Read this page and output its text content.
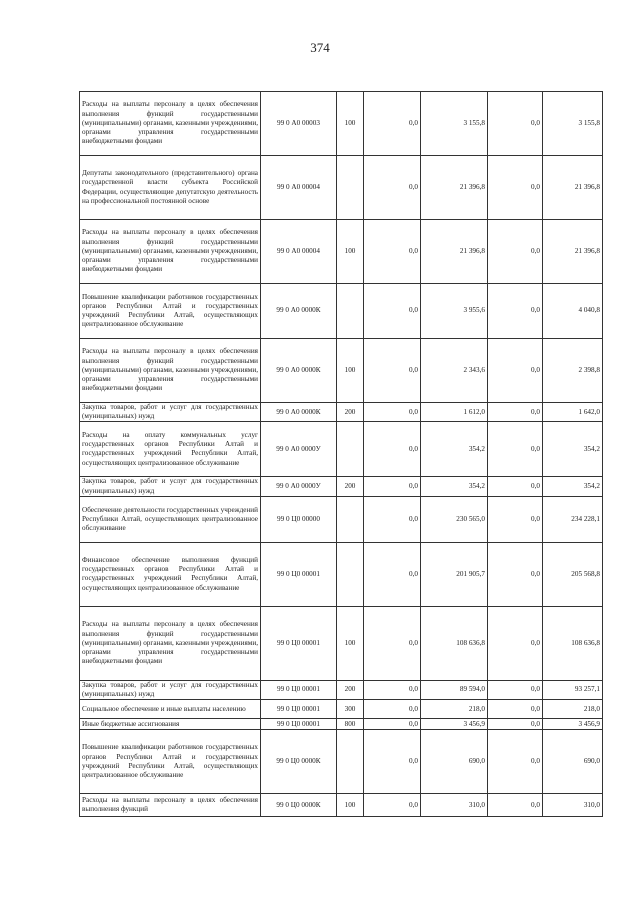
374
Расходы на выплаты персоналу в целях обеспечения выполнения функций государственными (муниципальными) органами, казенными учреждениями, органами управления государственными внебюджетными фондами	99 0 А0 00003	100	0,0	3 155,8	0,0	3 155,8
Депутаты законодательного (представительного) органа государственной власти субъекта Российской Федерации, осуществляющие депутатскую деятельность на профессиональной постоянной основе	99 0 А0 00004		0,0	21 396,8	0,0	21 396,8
Расходы на выплаты персоналу в целях обеспечения выполнения функций государственными (муниципальными) органами, казенными учреждениями, органами управления государственными внебюджетными фондами	99 0 А0 00004	100	0,0	21 396,8	0,0	21 396,8
Повышение квалификации работников государственных органов Республики Алтай и государственных учреждений Республики Алтай, осуществляющих централизованное обслуживание	99 0 А0 0000К		0,0	3 955,6	0,0	4 040,8
Расходы на выплаты персоналу в целях обеспечения выполнения функций государственными (муниципальными) органами, казенными учреждениями, органами управления государственными внебюджетными фондами	99 0 А0 0000К	100	0,0	2 343,6	0,0	2 398,8
Закупка товаров, работ и услуг для государственных (муниципальных) нужд	99 0 А0 0000К	200	0,0	1 612,0	0,0	1 642,0
Расходы на оплату коммунальных услуг государственных органов Республики Алтай и государственных учреждений Республики Алтай, осуществляющих централизованное обслуживание	99 0 А0 0000У		0,0	354,2	0,0	354,2
Закупка товаров, работ и услуг для государственных (муниципальных) нужд	99 0 А0 0000У	200	0,0	354,2	0,0	354,2
Обеспечение деятельности государственных учреждений Республики Алтай, осуществляющих централизованное обслуживание	99 0 Ц0 00000		0,0	230 565,0	0,0	234 228,1
Финансовое обеспечение выполнения функций государственных органов Республики Алтай и государственных учреждений Республики Алтай, осуществляющих централизованное обслуживание	99 0 Ц0 00001		0,0	201 905,7	0,0	205 568,8
Расходы на выплаты персоналу в целях обеспечения выполнения функций государственными (муниципальными) органами, казенными учреждениями, органами управления государственными внебюджетными фондами	99 0 Ц0 00001	100	0,0	108 636,8	0,0	108 636,8
Закупка товаров, работ и услуг для государственных (муниципальных) нужд	99 0 Ц0 00001	200	0,0	89 594,0	0,0	93 257,1
Социальное обеспечение и иные выплаты населению	99 0 Ц0 00001	300	0,0	218,0	0,0	218,0
Иные бюджетные ассигнования	99 0 Ц0 00001	800	0,0	3 456,9	0,0	3 456,9
Повышение квалификации работников государственных органов Республики Алтай и государственных учреждений Республики Алтай, осуществляющих централизованное обслуживание	99 0 Ц0 0000К		0,0	690,0	0,0	690,0
Расходы на выплаты персоналу в целях обеспечения выполнения функций	99 0 Ц0 0000К	100	0,0	310,0	0,0	310,0
